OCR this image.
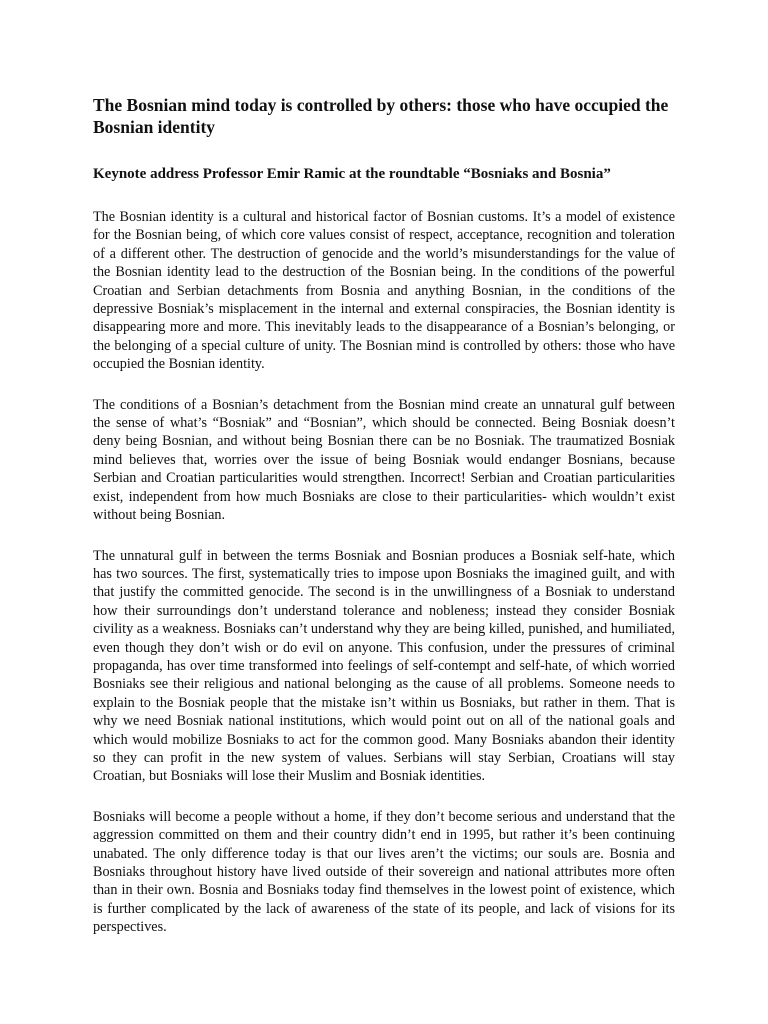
The Bosnian mind today is controlled by others: those who have occupied the Bosnian identity
Keynote address Professor Emir Ramic at the roundtable “Bosniaks and Bosnia”

The Bosnian identity is a cultural and historical factor of Bosnian customs. It’s a model of existence for the Bosnian being, of which core values consist of respect, acceptance, recognition and toleration of a different other. The destruction of genocide and the world’s misunderstandings for the value of the Bosnian identity lead to the destruction of the Bosnian being. In the conditions of the powerful Croatian and Serbian detachments from Bosnia and anything Bosnian, in the conditions of the depressive Bosniak’s misplacement in the internal and external conspiracies, the Bosnian identity is disappearing more and more. This inevitably leads to the disappearance of a Bosnian’s belonging, or the belonging of a special culture of unity. The Bosnian mind is controlled by others: those who have occupied the Bosnian identity.

The conditions of a Bosnian’s detachment from the Bosnian mind create an unnatural gulf between the sense of what’s “Bosniak” and “Bosnian”, which should be connected. Being Bosniak doesn’t deny being Bosnian, and without being Bosnian there can be no Bosniak. The traumatized Bosniak mind believes that, worries over the issue of being Bosniak would endanger Bosnians, because Serbian and Croatian particularities would strengthen. Incorrect! Serbian and Croatian particularities exist, independent from how much Bosniaks are close to their particularities- which wouldn’t exist without being Bosnian.

The unnatural gulf in between the terms Bosniak and Bosnian produces a Bosniak self-hate, which has two sources. The first, systematically tries to impose upon Bosniaks the imagined guilt, and with that justify the committed genocide. The second is in the unwillingness of a Bosniak to understand how their surroundings don’t understand tolerance and nobleness; instead they consider Bosniak civility as a weakness. Bosniaks can’t understand why they are being killed, punished, and humiliated, even though they don’t wish or do evil on anyone. This confusion, under the pressures of criminal propaganda, has over time transformed into feelings of self-contempt and self-hate, of which worried Bosniaks see their religious and national belonging as the cause of all problems. Someone needs to explain to the Bosniak people that the mistake isn’t within us Bosniaks, but rather in them. That is why we need Bosniak national institutions, which would point out on all of the national goals and which would mobilize Bosniaks to act for the common good. Many Bosniaks abandon their identity so they can profit in the new system of values. Serbians will stay Serbian, Croatians will stay Croatian, but Bosniaks will lose their Muslim and Bosniak identities.

Bosniaks will become a people without a home, if they don’t become serious and understand that the aggression committed on them and their country didn’t end in 1995, but rather it’s been continuing unabated. The only difference today is that our lives aren’t the victims; our souls are. Bosnia and Bosniaks throughout history have lived outside of their sovereign and national attributes more often than in their own. Bosnia and Bosniaks today find themselves in the lowest point of existence, which is further complicated by the lack of awareness of the state of its people, and lack of visions for its perspectives.
